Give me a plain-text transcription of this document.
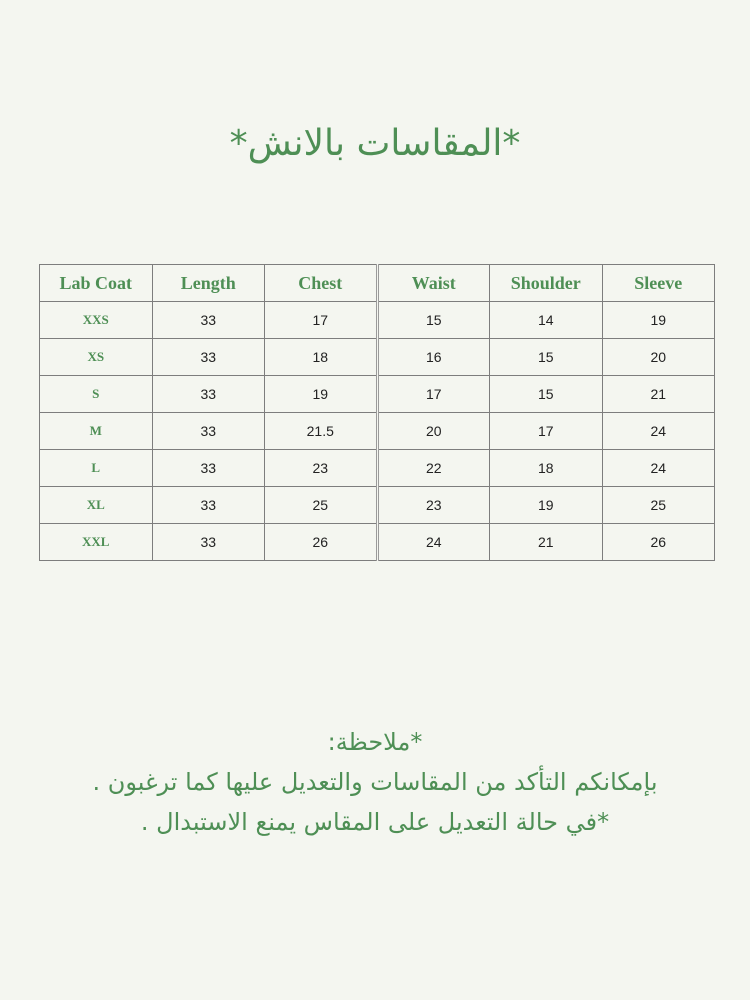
*المقاسات بالانش*
Lab Coat	Length	Chest	Waist	Shoulder	Sleeve
XXS	33	17	15	14	19
XS	33	18	16	15	20
S	33	19	17	15	21
M	33	21.5	20	17	24
L	33	23	22	18	24
XL	33	25	23	19	25
XXL	33	26	24	21	26
*ملاحظة:
بإمكانكم التأكد من المقاسات والتعديل عليها كما ترغبون .
*في حالة التعديل على المقاس يمنع الاستبدال .
